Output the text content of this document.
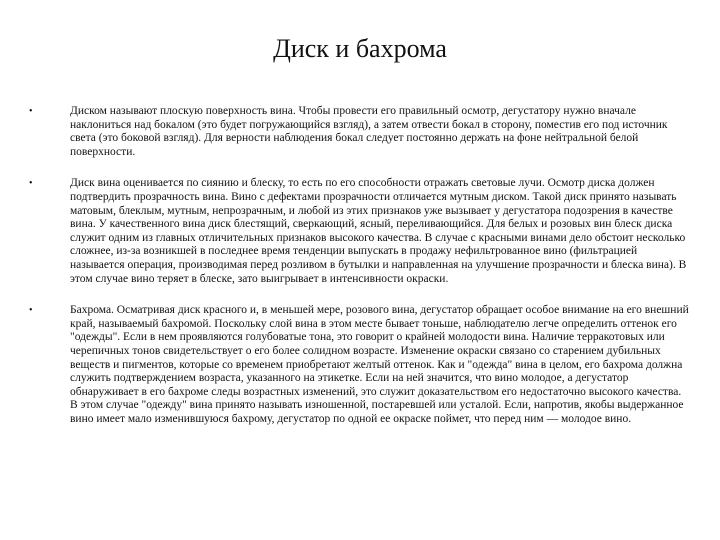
Диск и бахрома
•	Диском называют плоскую поверхность вина. Чтобы провести его правильный осмотр, дегустатору нужно вначале наклониться над бокалом (это будет погружающийся взгляд), а затем отвести бокал в сторону, поместив его под источник света (это боковой взгляд). Для верности наблюдения бокал следует постоянно держать на фоне нейтральной белой поверхности.
•	Диск вина оценивается по сиянию и блеску, то есть по его способности отражать световые лучи. Осмотр диска должен подтвердить прозрачность вина. Вино с дефектами прозрачности отличается мутным диском. Такой диск принято называть матовым, блеклым, мутным, непрозрачным, и любой из этих признаков уже вызывает у дегустатора подозрения в качестве вина. У качественного вина диск блестящий, сверкающий, ясный, переливающийся. Для белых и розовых вин блеск диска служит одним из главных отличительных признаков высокого качества. В случае с красными винами дело обстоит несколько сложнее, из-за возникшей в последнее время тенденции выпускать в продажу нефильтрованное вино (фильтрацией называется операция, производимая перед розливом в бутылки и направленная на улучшение прозрачности и блеска вина). В этом случае вино теряет в блеске, зато выигрывает в интенсивности окраски.
•	Бахрома. Осматривая диск красного и, в меньшей мере, розового вина, дегустатор обращает особое внимание на его внешний край, называемый бахромой. Поскольку слой вина в этом месте бывает тоньше, наблюдателю легче определить оттенок его "одежды". Если в нем проявляются голубоватые тона, это говорит о крайней молодости вина. Наличие терракотовых или черепичных тонов свидетельствует о его более солидном возрасте. Изменение окраски связано со старением дубильных веществ и пигментов, которые со временем приобретают желтый оттенок. Как и "одежда" вина в целом, его бахрома должна служить подтверждением возраста, указанного на этикетке. Если на ней значится, что вино молодое, а дегустатор обнаруживает в его бахроме следы возрастных изменений, это служит доказательством его недостаточно высокого качества. В этом случае "одежду" вина принято называть изношенной, постаревшей или усталой. Если, напротив, якобы выдержанное вино имеет мало изменившуюся бахрому, дегустатор по одной ее окраске поймет, что перед ним — молодое вино.
